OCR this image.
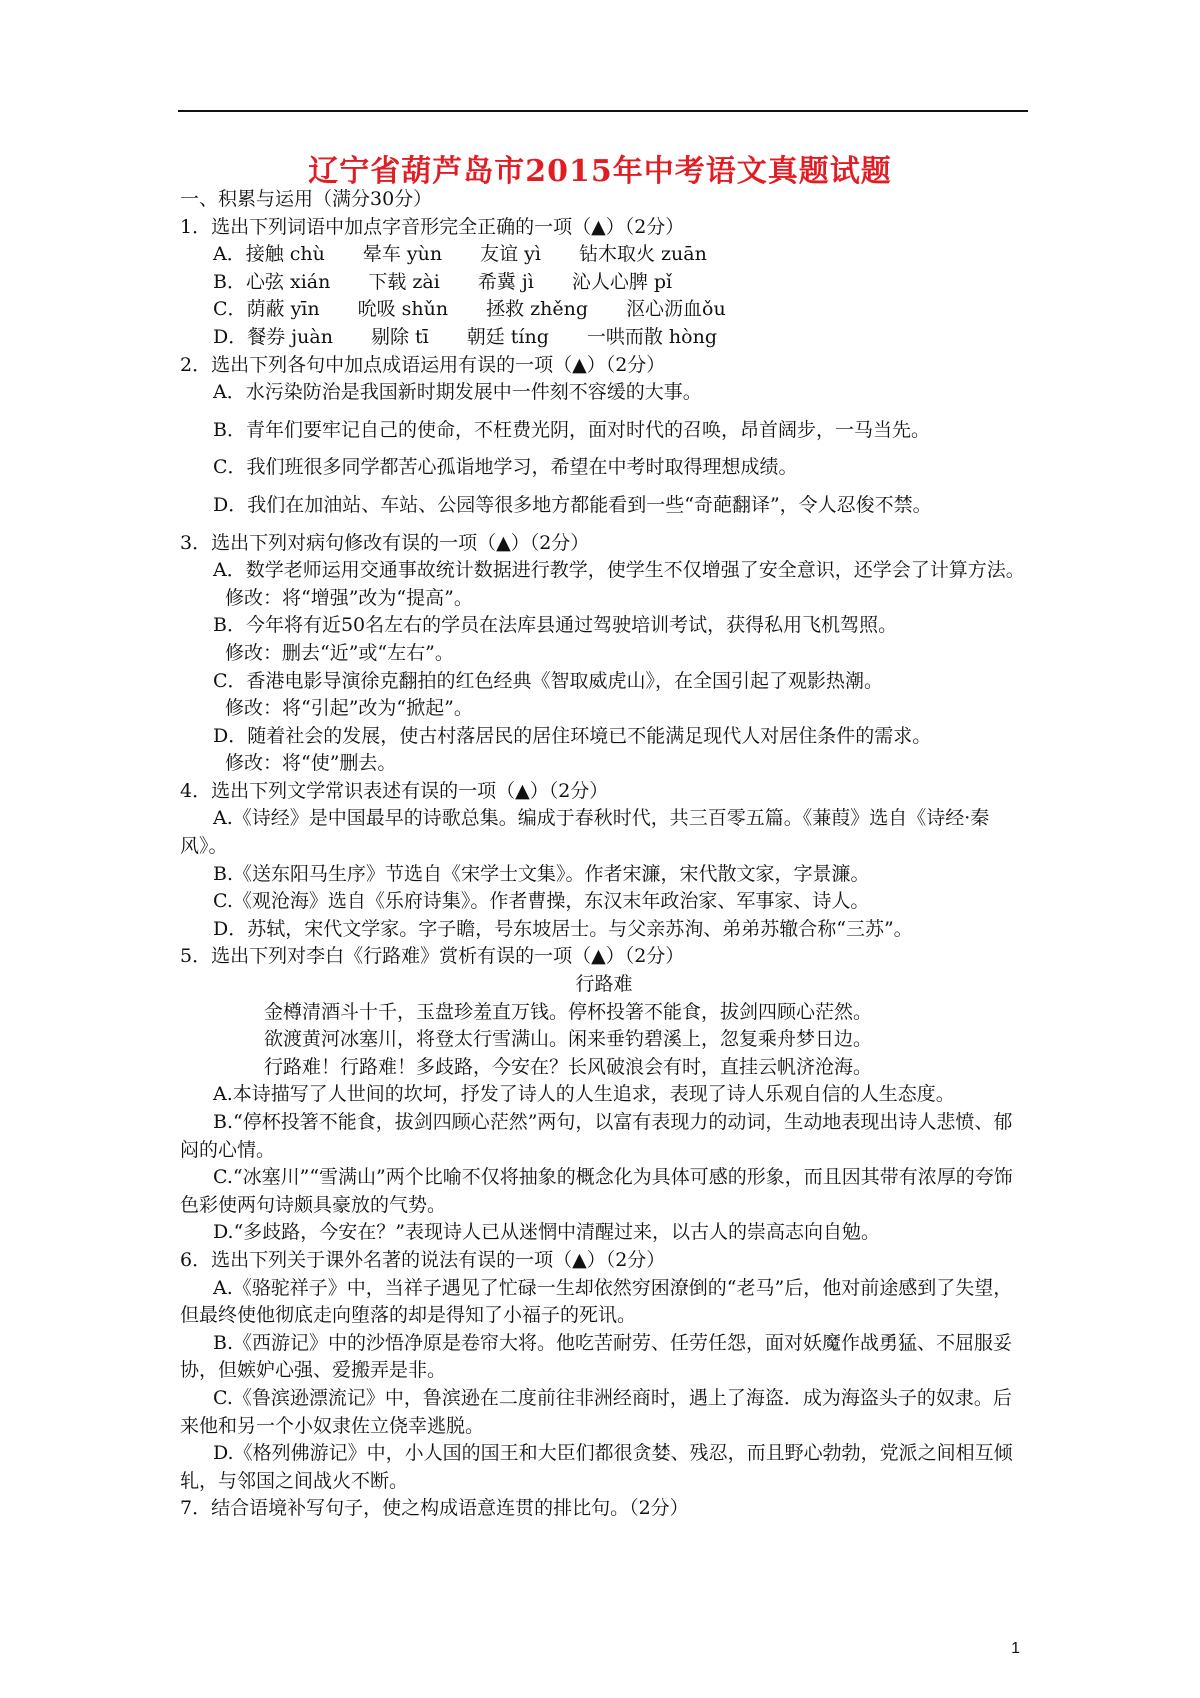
辽宁省葫芦岛市2015年中考语文真题试题
一、积累与运用（满分30分）
1．选出下列词语中加点字音形完全正确的一项（▲）（2分）
A．接触 chù　　晕车 yùn　　友谊 yì　　钻木取火 zuān
B．心弦 xián　　下载 zài　　希冀 jì　　沁人心脾 pǐ
C．荫蔽 yīn　　吮吸 shǔn　　拯救 zhěng　　沤心沥血ǒu
D．餐券 juàn　　剔除 tī　　朝廷 tíng　　一哄而散 hòng
2．选出下列各句中加点成语运用有误的一项（▲）（2分）
A．水污染防治是我国新时期发展中一件刻不容缓的大事。
B．青年们要牢记自己的使命，不枉费光阴，面对时代的召唤，昂首阔步，一马当先。
C．我们班很多同学都苦心孤诣地学习，希望在中考时取得理想成绩。
D．我们在加油站、车站、公园等很多地方都能看到一些“奇葩翻译”，令人忍俊不禁。
3．选出下列对病句修改有误的一项（▲）（2分）
A．数学老师运用交通事故统计数据进行教学，使学生不仅增强了安全意识，还学会了计算方法。
修改：将“增强”改为“提高”。
B．今年将有近50名左右的学员在法库县通过驾驶培训考试，获得私用飞机驾照。
修改：删去“近”或“左右”。
C．香港电影导演徐克翻拍的红色经典《智取威虎山》，在全国引起了观影热潮。
修改：将“引起”改为“掀起”。
D．随着社会的发展，使古村落居民的居住环境已不能满足现代人对居住条件的需求。
修改：将“使”删去。
4．选出下列文学常识表述有误的一项（▲）（2分）
A.《诗经》是中国最早的诗歌总集。编成于春秋时代，共三百零五篇。《蒹葭》选自《诗经·秦风》。
B.《送东阳马生序》节选自《宋学士文集》。作者宋濂，宋代散文家，字景濂。
C.《观沧海》选自《乐府诗集》。作者曹操，东汉末年政治家、军事家、诗人。
D．苏轼，宋代文学家。字子瞻，号东坡居士。与父亲苏洵、弟弟苏辙合称“三苏”。
5．选出下列对李白《行路难》赏析有误的一项（▲）（2分）
行路难
金樽清酒斗十千，玉盘珍羞直万钱。停杯投箸不能食，拔剑四顾心茫然。
欲渡黄河冰塞川，将登太行雪满山。闲来垂钓碧溪上，忽复乘舟梦日边。
行路难！行路难！多歧路，今安在？长风破浪会有时，直挂云帆济沧海。
A.本诗描写了人世间的坎坷，抒发了诗人的人生追求，表现了诗人乐观自信的人生态度。
B.“停杯投箸不能食，拔剑四顾心茫然”两句，以富有表现力的动词，生动地表现出诗人悲愤、郁闷的心情。
C.“冰塞川”“雪满山”两个比喻不仅将抽象的概念化为具体可感的形象，而且因其带有浓厚的夸饰色彩使两句诗颇具豪放的气势。
D.“多歧路，今安在？”表现诗人已从迷惘中清醒过来，以古人的崇高志向自勉。
6．选出下列关于课外名著的说法有误的一项（▲）（2分）
A.《骆驼祥子》中，当祥子遇见了忙碌一生却依然穷困潦倒的“老马”后，他对前途感到了失望，但最终使他彻底走向堕落的却是得知了小福子的死讯。
B.《西游记》中的沙悟净原是卷帘大将。他吃苦耐劳、任劳任怨，面对妖魔作战勇猛、不屈服妥协，但嫉妒心强、爱搬弄是非。
C.《鲁滨逊漂流记》中，鲁滨逊在二度前往非洲经商时，遇上了海盗．成为海盗头子的奴隶。后来他和另一个小奴隶佐立侥幸逃脱。
D.《格列佛游记》中，小人国的国王和大臣们都很贪婪、残忍，而且野心勃勃，党派之间相互倾轧，与邻国之间战火不断。
7．结合语境补写句子，使之构成语意连贯的排比句。（2分）
1
